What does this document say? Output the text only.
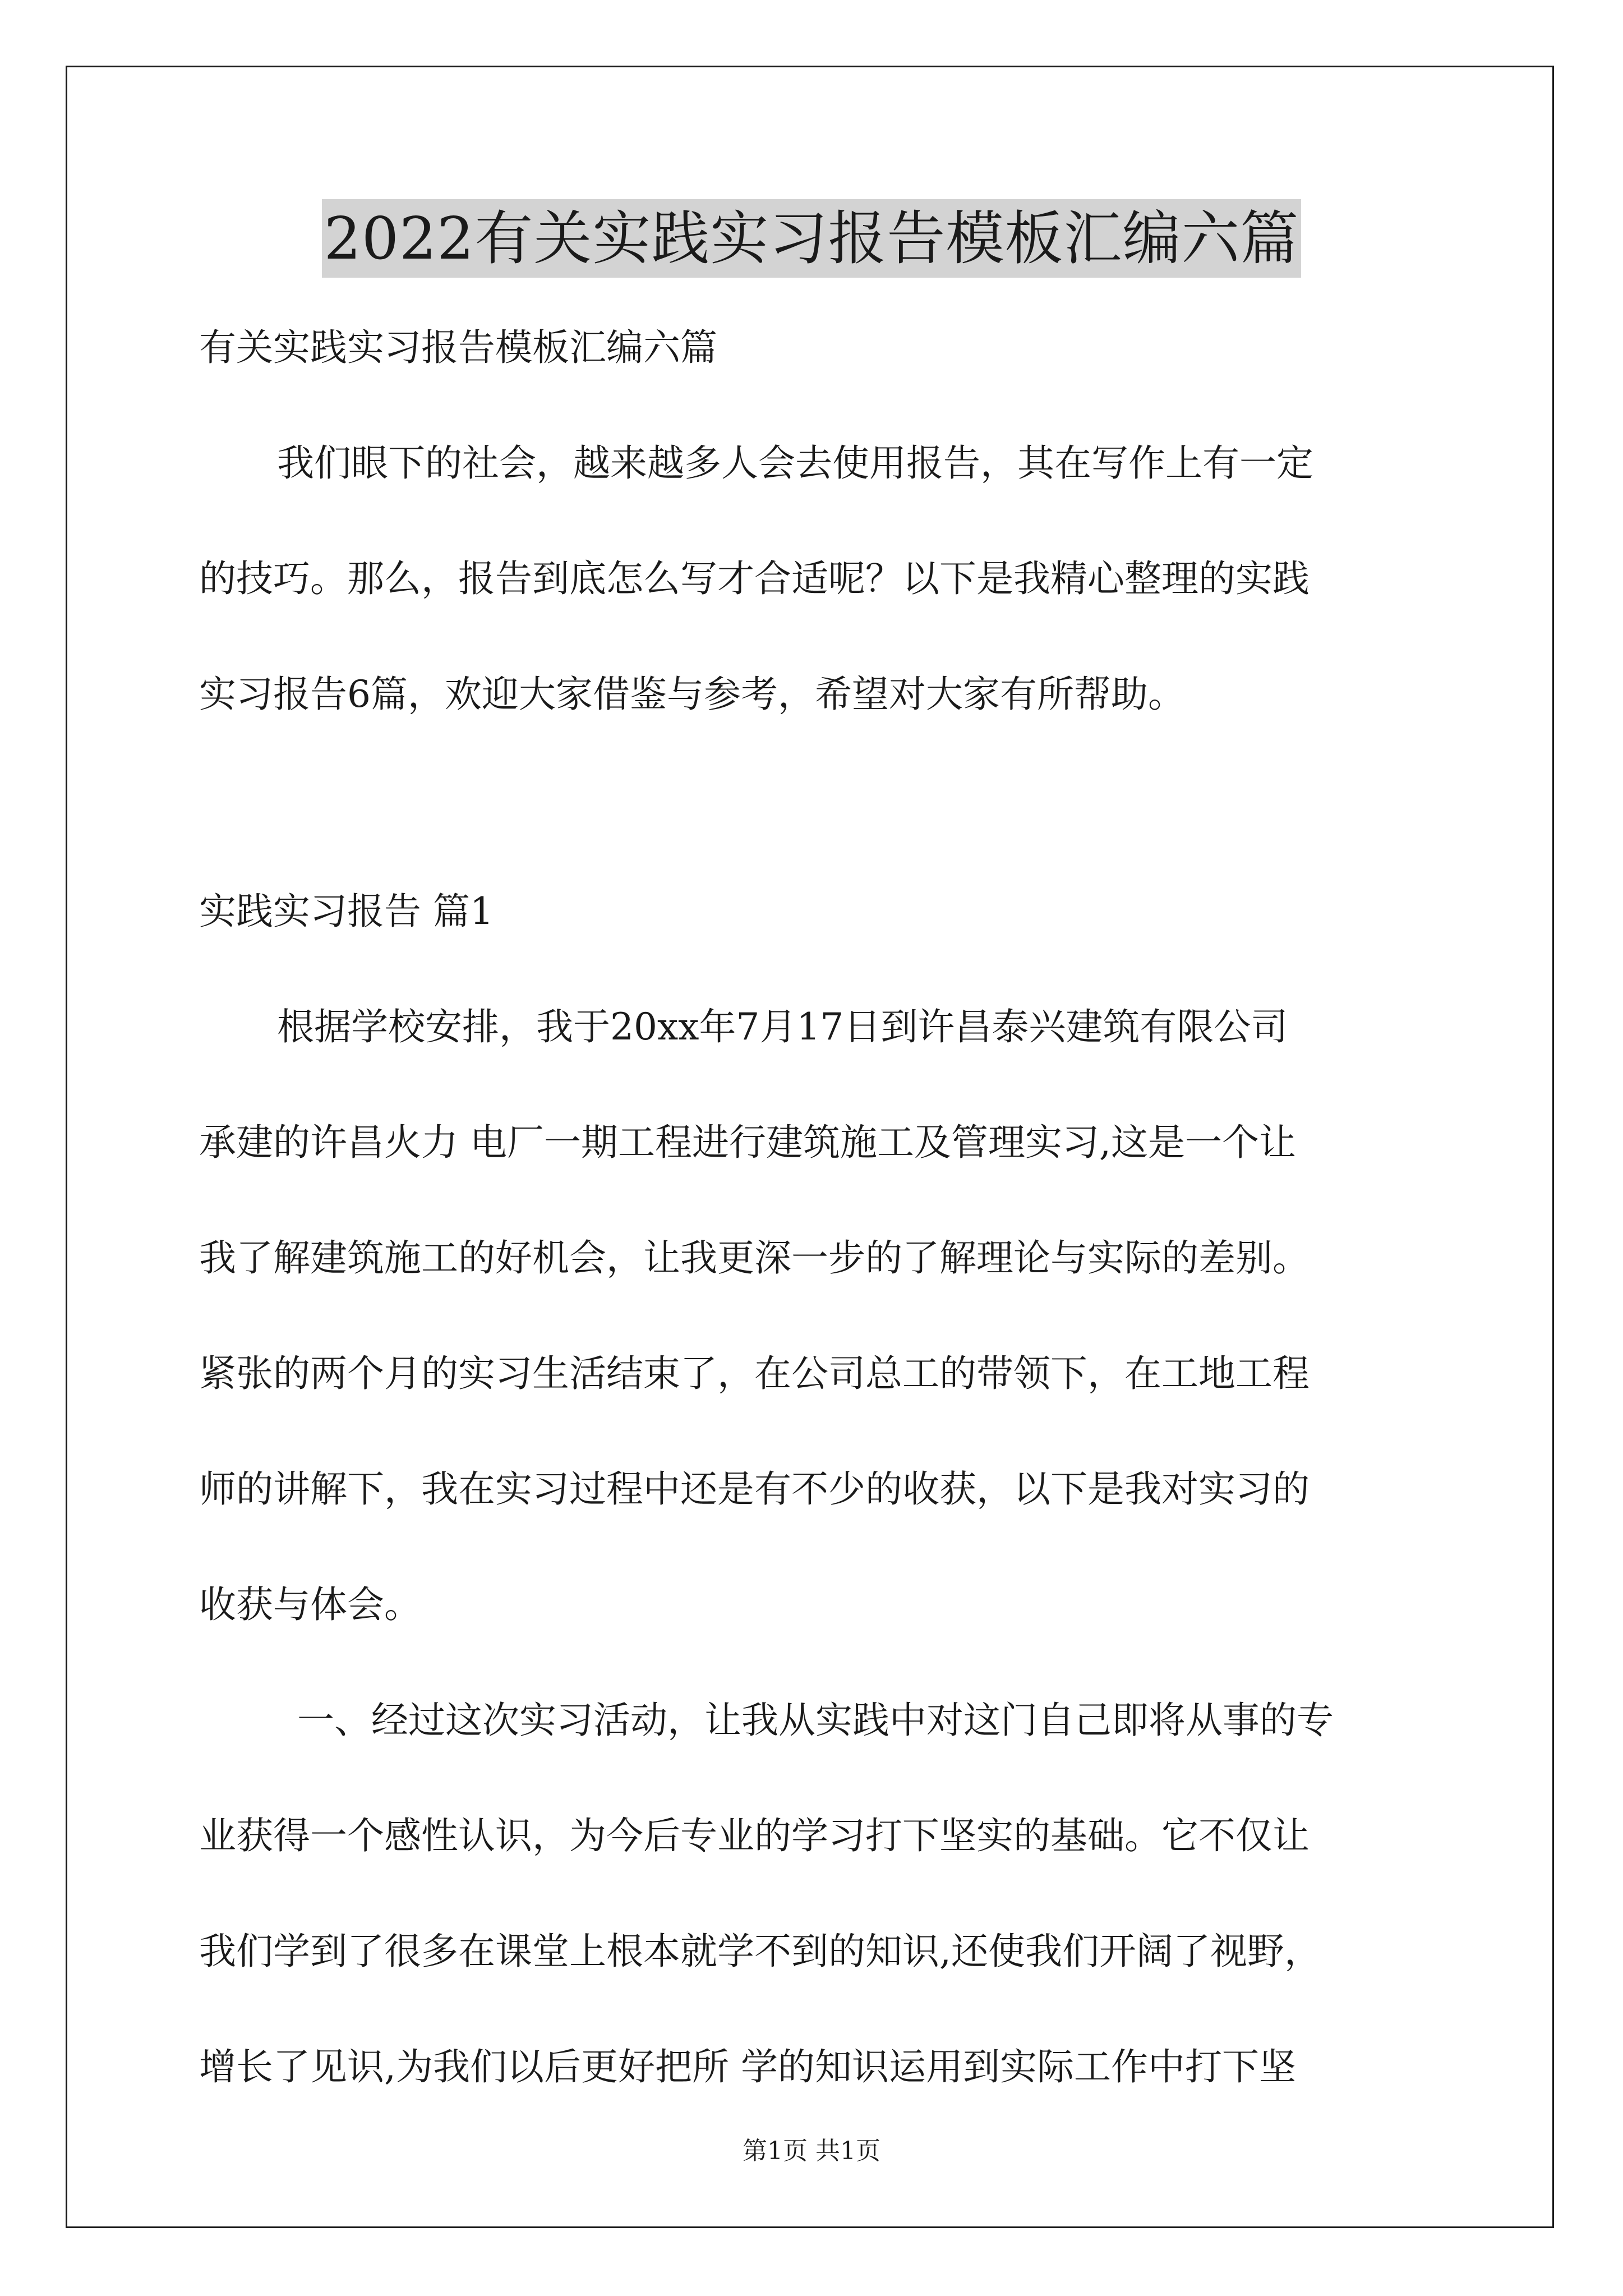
2022有关实践实习报告模板汇编六篇
有关实践实习报告模板汇编六篇
我们眼下的社会，越来越多人会去使用报告，其在写作上有一定
的技巧。那么，报告到底怎么写才合适呢？以下是我精心整理的实践
实习报告6篇，欢迎大家借鉴与参考，希望对大家有所帮助。
实践实习报告 篇1
根据学校安排，我于20xx年7月17日到许昌泰兴建筑有限公司
承建的许昌火力 电厂一期工程进行建筑施工及管理实习,这是一个让
我了解建筑施工的好机会，让我更深一步的了解理论与实际的差别。
紧张的两个月的实习生活结束了，在公司总工的带领下，在工地工程
师的讲解下，我在实习过程中还是有不少的收获，以下是我对实习的
收获与体会。
一、经过这次实习活动，让我从实践中对这门自己即将从事的专
业获得一个感性认识，为今后专业的学习打下坚实的基础。它不仅让
我们学到了很多在课堂上根本就学不到的知识,还使我们开阔了视野，
增长了见识,为我们以后更好把所 学的知识运用到实际工作中打下坚
第1页 共1页
